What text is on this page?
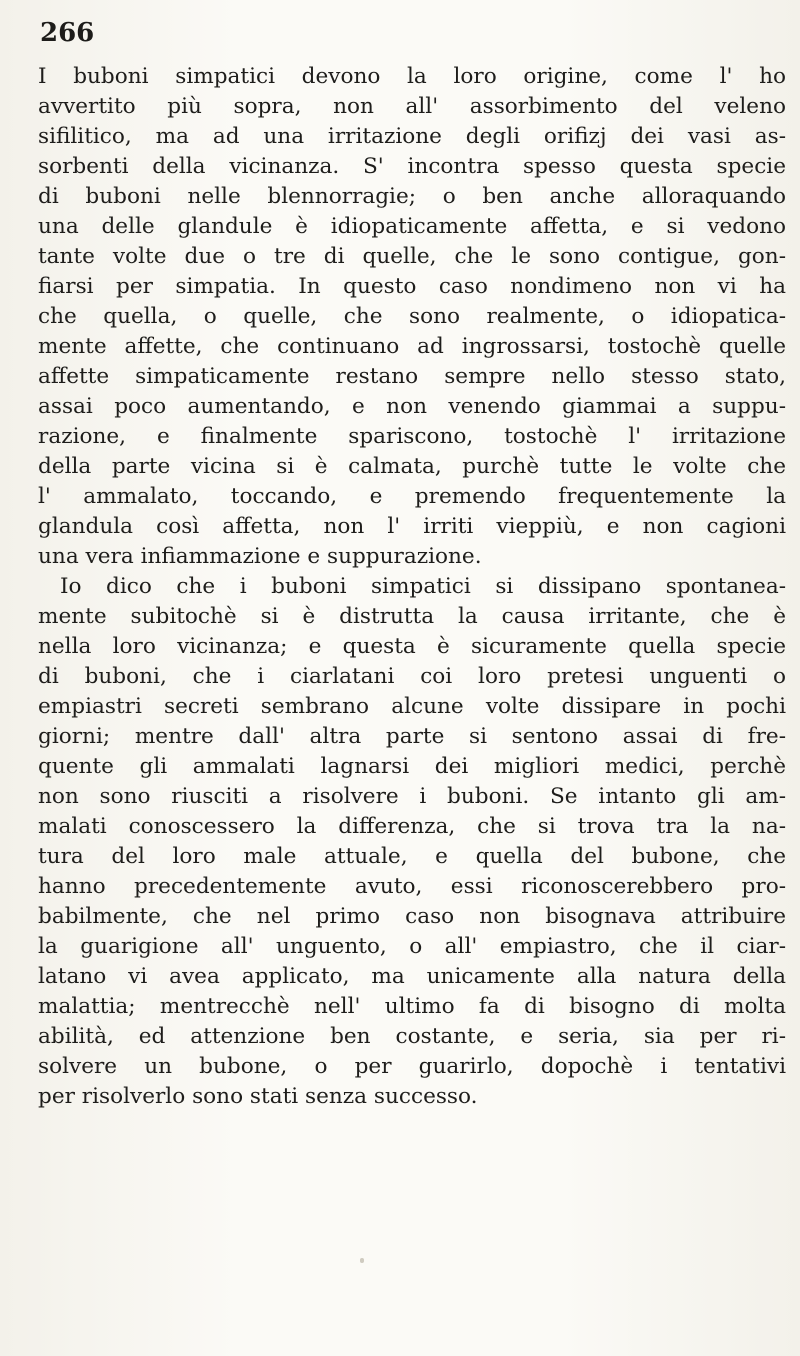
266
I buboni simpatici devono la loro origine, come l' ho
avvertito più sopra, non all' assorbimento del veleno
sifilitico, ma ad una irritazione degli orifizj dei vasi as-
sorbenti della vicinanza. S' incontra spesso questa specie
di buboni nelle blennorragie; o ben anche alloraquando
una delle glandule è idiopaticamente affetta, e si vedono
tante volte due o tre di quelle, che le sono contigue, gon-
fiarsi per simpatia. In questo caso nondimeno non vi ha
che quella, o quelle, che sono realmente, o idiopatica-
mente affette, che continuano ad ingrossarsi, tostochè quelle
affette simpaticamente restano sempre nello stesso stato,
assai poco aumentando, e non venendo giammai a suppu-
razione, e finalmente spariscono, tostochè l' irritazione
della parte vicina si è calmata, purchè tutte le volte che
l' ammalato, toccando, e premendo frequentemente la
glandula così affetta, non l' irriti vieppiù, e non cagioni
una vera infiammazione e suppurazione.
Io dico che i buboni simpatici si dissipano spontanea-
mente subitochè si è distrutta la causa irritante, che è
nella loro vicinanza; e questa è sicuramente quella specie
di buboni, che i ciarlatani coi loro pretesi unguenti o
empiastri secreti sembrano alcune volte dissipare in pochi
giorni; mentre dall' altra parte si sentono assai di fre-
quente gli ammalati lagnarsi dei migliori medici, perchè
non sono riusciti a risolvere i buboni. Se intanto gli am-
malati conoscessero la differenza, che si trova tra la na-
tura del loro male attuale, e quella del bubone, che
hanno precedentemente avuto, essi riconoscerebbero pro-
babilmente, che nel primo caso non bisognava attribuire
la guarigione all' unguento, o all' empiastro, che il ciar-
latano vi avea applicato, ma unicamente alla natura della
malattia; mentrecchè nell' ultimo fa di bisogno di molta
abilità, ed attenzione ben costante, e seria, sia per ri-
solvere un bubone, o per guarirlo, dopochè i tentativi
per risolverlo sono stati senza successo.
